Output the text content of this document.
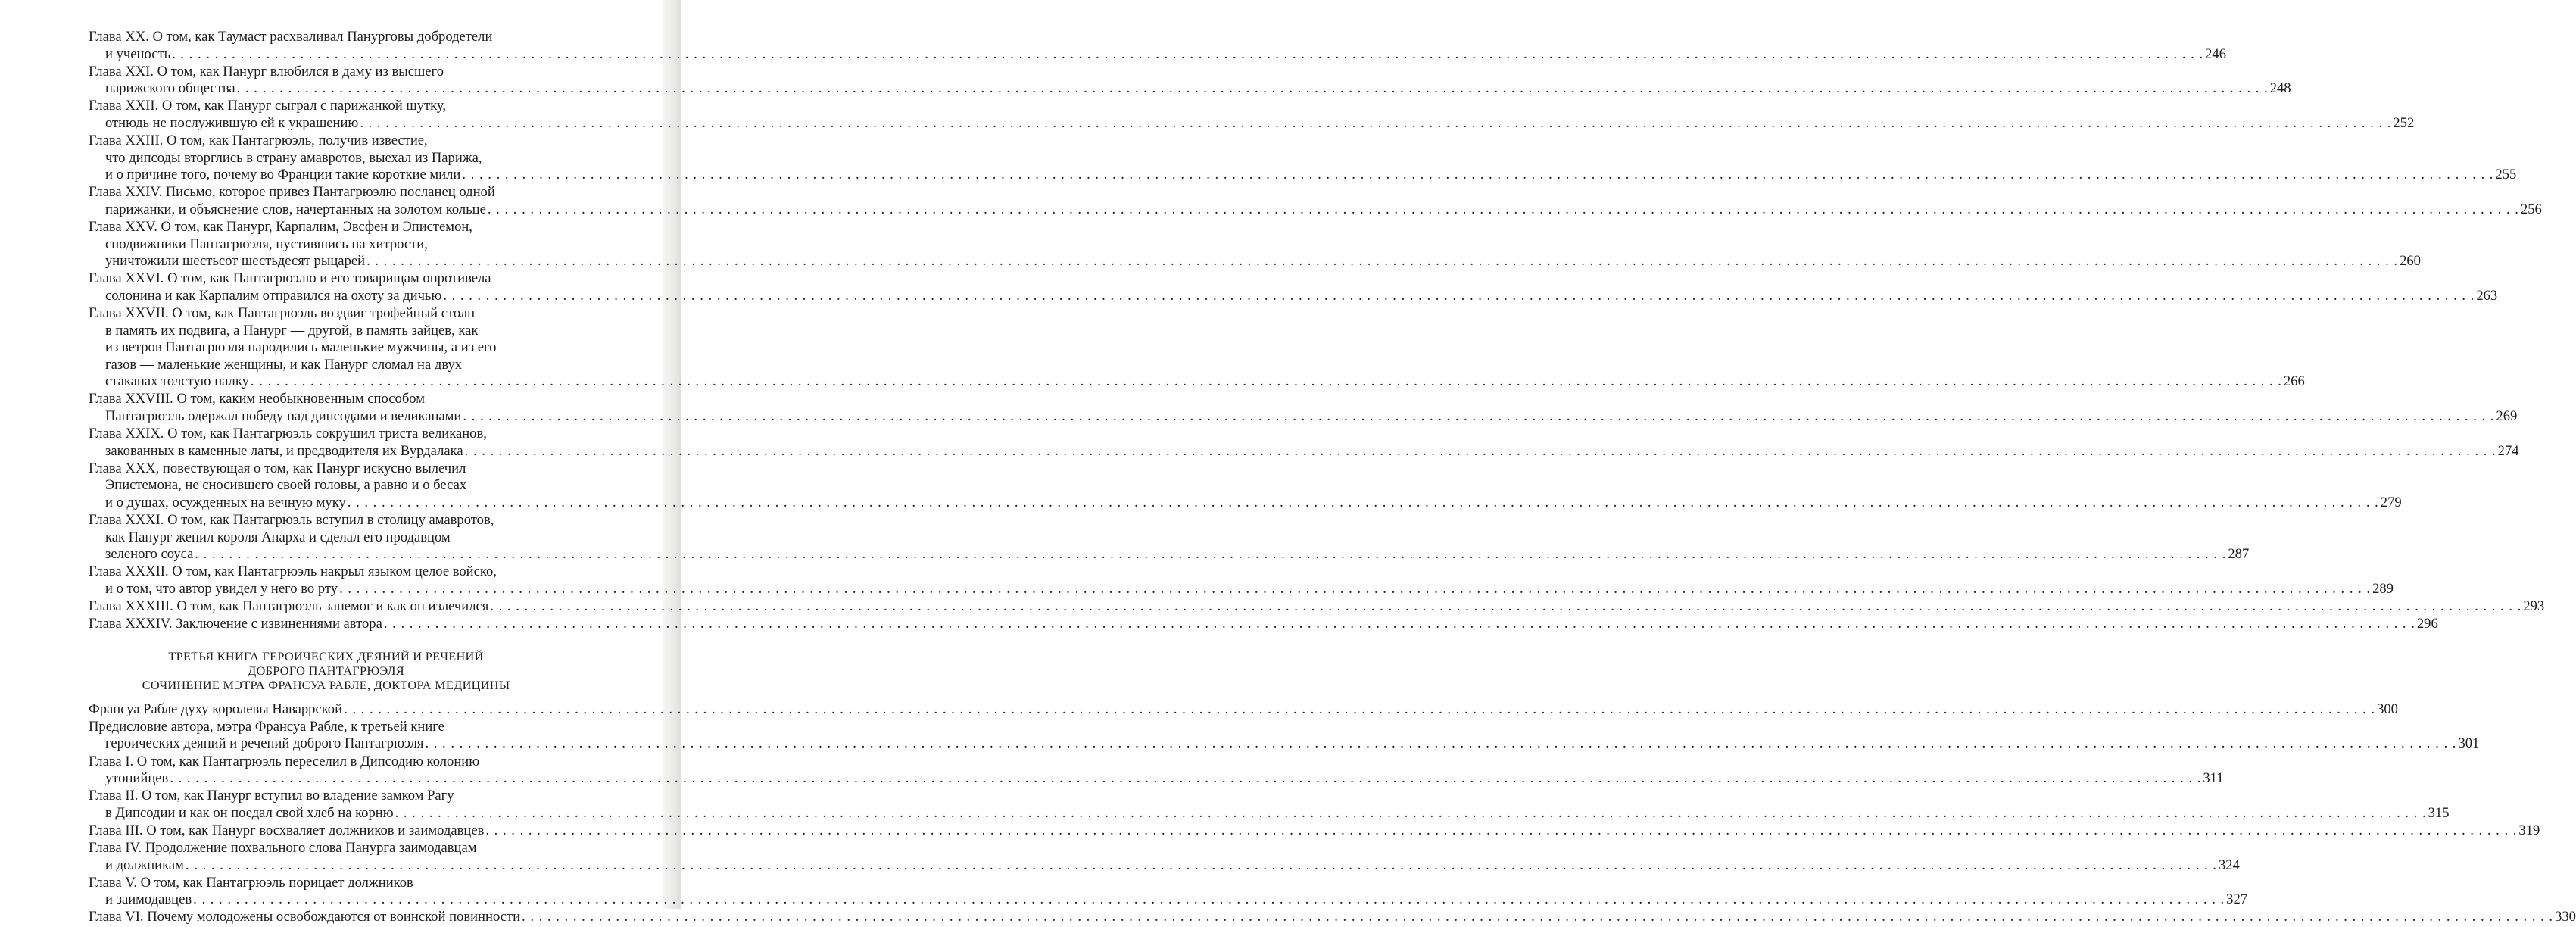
Глава XX. О том, как Таумаст расхваливал Панурговы добродетели
и ученость . . .	246
Глава XXI. О том, как Панург влюбился в даму из высшего
парижского общества . . .	248
Глава XXII. О том, как Панург сыграл с парижанкой шутку,
отнюдь не послужившую ей к украшению . . .	252
Глава XXIII. О том, как Пантагрюэль, получив известие,
что дипсоды вторглись в страну амавротов, выехал из Парижа,
и о причине того, почему во Франции такие короткие мили . . .	255
Глава XXIV. Письмо, которое привез Пантагрюэлю посланец одной
парижанки, и объяснение слов, начертанных на золотом кольце . . .	256
Глава XXV. О том, как Панург, Карпалим, Эвсфен и Эпистемон,
сподвижники Пантагрюэля, пустившись на хитрости,
уничтожили шестьсот шестьдесят рыцарей . . .	260
Глава XXVI. О том, как Пантагрюэлю и его товарищам опротивела
солонина и как Карпалим отправился на охоту за дичью . . .	263
Глава XXVII. О том, как Пантагрюэль воздвиг трофейный столп
в память их подвига, а Панург — другой, в память зайцев, как
из ветров Пантагрюэля народились маленькие мужчины, а из его
газов — маленькие женщины, и как Панург сломал на двух
стаканах толстую палку . . .	266
Глава XXVIII. О том, каким необыкновенным способом
Пантагрюэль одержал победу над дипсодами и великанами . . .	269
Глава XXIX. О том, как Пантагрюэль сокрушил триста великанов,
закованных в каменные латы, и предводителя их Вурдалака . . .	274
Глава XXX, повествующая о том, как Панург искусно вылечил
Эпистемона, не сносившего своей головы, а равно и о бесах
и о душах, осужденных на вечную муку . . .	279
Глава XXXI. О том, как Пантагрюэль вступил в столицу амавротов,
как Панург женил короля Анарха и сделал его продавцом
зеленого соуса . . .	287
Глава XXXII. О том, как Пантагрюэль накрыл языком целое войско,
и о том, что автор увидел у него во рту . . .	289
Глава XXXIII. О том, как Пантагрюэль занемог и как он излечился . . .	293
Глава XXXIV. Заключение с извинениями автора . . .	296
ТРЕТЬЯ КНИГА ГЕРОИЧЕСКИХ ДЕЯНИЙ И РЕЧЕНИЙ
ДОБРОГО ПАНТАГРЮЭЛЯ
СОЧИНЕНИЕ МЭТРА ФРАНСУА РАБЛЕ, ДОКТОРА МЕДИЦИНЫ
Франсуа Рабле духу королевы Наваррской . . .	300
Предисловие автора, мэтра Франсуа Рабле, к третьей книге
героических деяний и речений доброго Пантагрюэля . . .	301
Глава I. О том, как Пантагрюэль переселил в Дипсодию колонию
утопийцев . . .	311
Глава II. О том, как Панург вступил во владение замком Рагу
в Дипсодии и как он поедал свой хлеб на корню . . .	315
Глава III. О том, как Панург восхваляет должников и заимодавцев . . .	319
Глава IV. Продолжение похвального слова Панурга заимодавцам
и должникам . . .	324
Глава V. О том, как Пантагрюэль порицает должников
и заимодавцев . . .	327
Глава VI. Почему молодожены освобождаются от воинской повинности . . .	330
